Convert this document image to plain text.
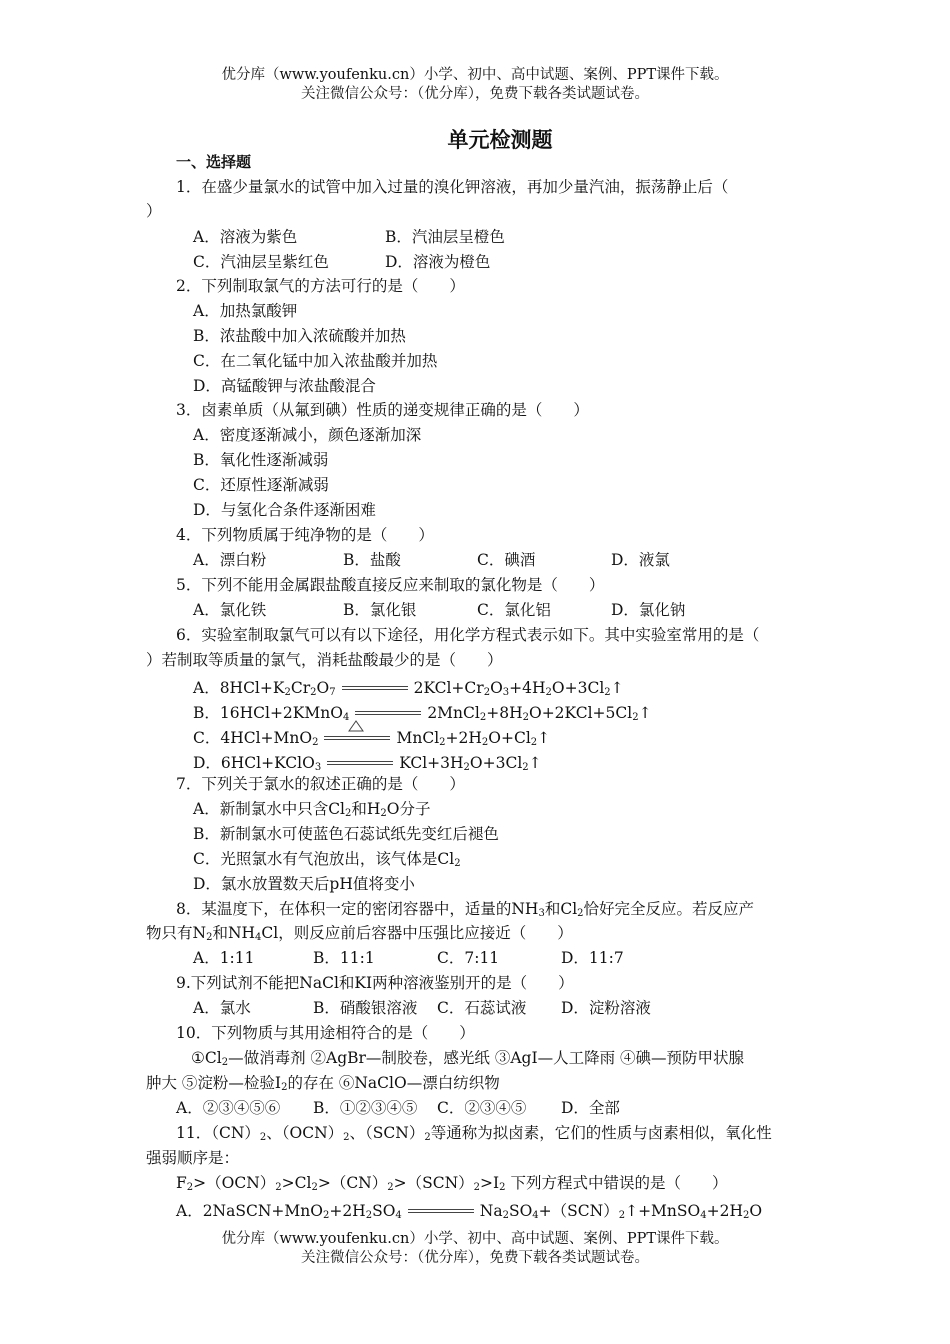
优分库（www.youfenku.cn）小学、初中、高中试题、案例、PPT课件下载。
关注微信公众号：（优分库），免费下载各类试题试卷。
单元检测题
一、选择题
1．在盛少量氯水的试管中加入过量的溴化钾溶液，再加少量汽油，振荡静止后（
）
A．溶液为紫色	B．汽油层呈橙色
C．汽油层呈紫红色	D．溶液为橙色
2．下列制取氯气的方法可行的是（　　）
A．加热氯酸钾
B．浓盐酸中加入浓硫酸并加热
C．在二氧化锰中加入浓盐酸并加热
D．高锰酸钾与浓盐酸混合
3．卤素单质（从氟到碘）性质的递变规律正确的是（　　）
A．密度逐渐减小，颜色逐渐加深
B．氧化性逐渐减弱
C．还原性逐渐减弱
D．与氢化合条件逐渐困难
4．下列物质属于纯净物的是（　　）
A．漂白粉	B．盐酸	C．碘酒	D．液氯
5．下列不能用金属跟盐酸直接反应来制取的氯化物是（　　）
A．氯化铁	B．氯化银	C．氯化铝	D．氯化钠
6．实验室制取氯气可以有以下途径，用化学方程式表示如下。其中实验室常用的是（
）若制取等质量的氯气，消耗盐酸最少的是（　　）
A．$8HCl+K_2Cr_2O_7$	$2KCl+Cr_2O_3+4H_2O+3Cl_2↑$
B．16HCl+2KMnO$_4$	$2MnCl_2+8H_2O+2KCl+5Cl_2↑$
C．4HCl+MnO$_2$	$MnCl_2+2H_2O+Cl_2↑$
D．6HCl+KClO$_3$	$KCl+3H_2O+3Cl_2↑$
7．下列关于氯水的叙述正确的是（　　）
A．新制氯水中只含$Cl_2$和$H_2O$分子
B．新制氯水可使蓝色石蕊试纸先变红后褪色
C．光照氯水有气泡放出，该气体是$Cl_2$
D．氯水放置数天后pH值将变小
8．某温度下，在体积一定的密闭容器中，适量的$NH_3$和$Cl_2$恰好完全反应。若反应产
物只有$N_2$和$NH_4Cl$，则反应前后容器中压强比应接近（　　）
A．1:11	B．11:1	C．7:11	D．11:7
9.下列试剂不能把NaCl和KI两种溶液鉴别开的是（　　）
A．氯水	B．硝酸银溶液 C．石蕊试液 D．淀粉溶液
10．下列物质与其用途相符合的是（　　）
$①Cl_2—$做消毒剂 ②AgBr—制胶卷，感光纸 ③AgI—人工降雨 ④碘—预防甲状腺
肿大 ⑤淀粉—检验$I_2$的存在 ⑥NaClO—漂白纺织物
A．②③④⑤⑥ B．①②③④⑤ C．②③④⑤ D．全部
11．$(CN)_2$、$(OCN)_2$、$(SCN)_2$等通称为拟卤素，它们的性质与卤素相似，氧化性
强弱顺序是：
$F_2>(OCN)_2>Cl_2>(CN)_2>(SCN)_2>I_2$ 下列方程式中错误的是（　　）
A．$2NaSCN+MnO_2+2H_2SO_4$	$Na_2SO_4+(SCN)_2↑+MnSO_4+2H_2O$
优分库（www.youfenku.cn）小学、初中、高中试题、案例、PPT课件下载。
关注微信公众号：（优分库），免费下载各类试题试卷。
